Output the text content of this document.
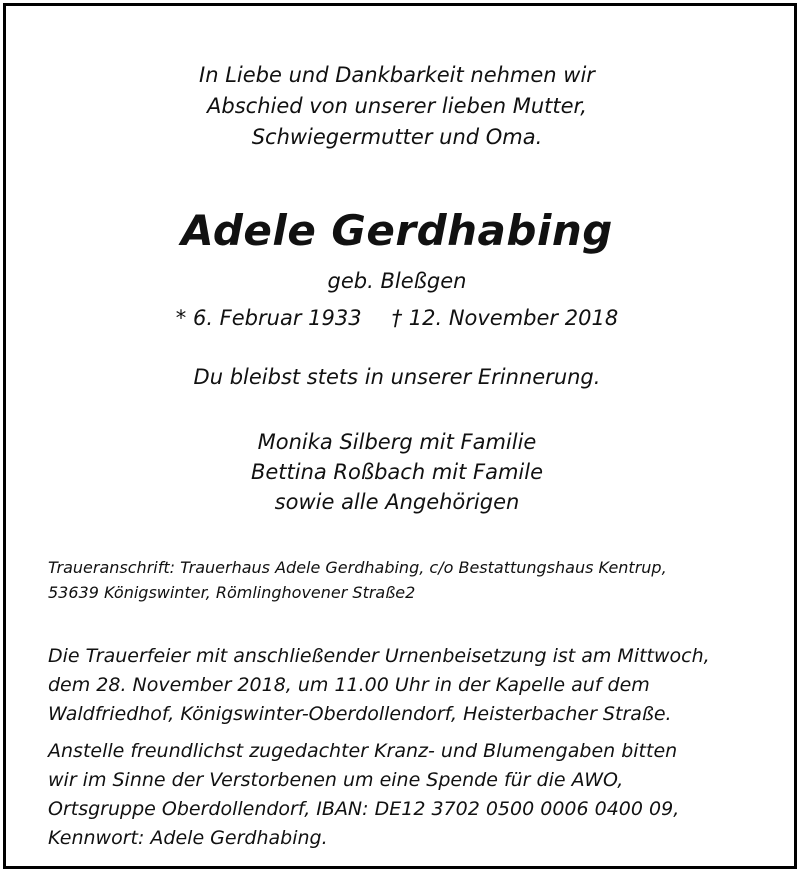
In Liebe und Dankbarkeit nehmen wir
Abschied von unserer lieben Mutter,
Schwiegermutter und Oma.
Adele Gerdhabing
geb. Bleßgen
* 6. Februar 1933 † 12. November 2018
Du bleibst stets in unserer Erinnerung.
Monika Silberg mit Familie
Bettina Roßbach mit Famile
sowie alle Angehörigen
Traueranschrift: Trauerhaus Adele Gerdhabing, c/o Bestattungshaus Kentrup,
53639 Königswinter, Römlinghovener Straße2
Die Trauerfeier mit anschließender Urnenbeisetzung ist am Mittwoch,
dem 28. November 2018, um 11.00 Uhr in der Kapelle auf dem
Waldfriedhof, Königswinter-Oberdollendorf, Heisterbacher Straße.
Anstelle freundlichst zugedachter Kranz- und Blumengaben bitten
wir im Sinne der Verstorbenen um eine Spende für die AWO,
Ortsgruppe Oberdollendorf, IBAN: DE12 3702 0500 0006 0400 09,
Kennwort: Adele Gerdhabing.
